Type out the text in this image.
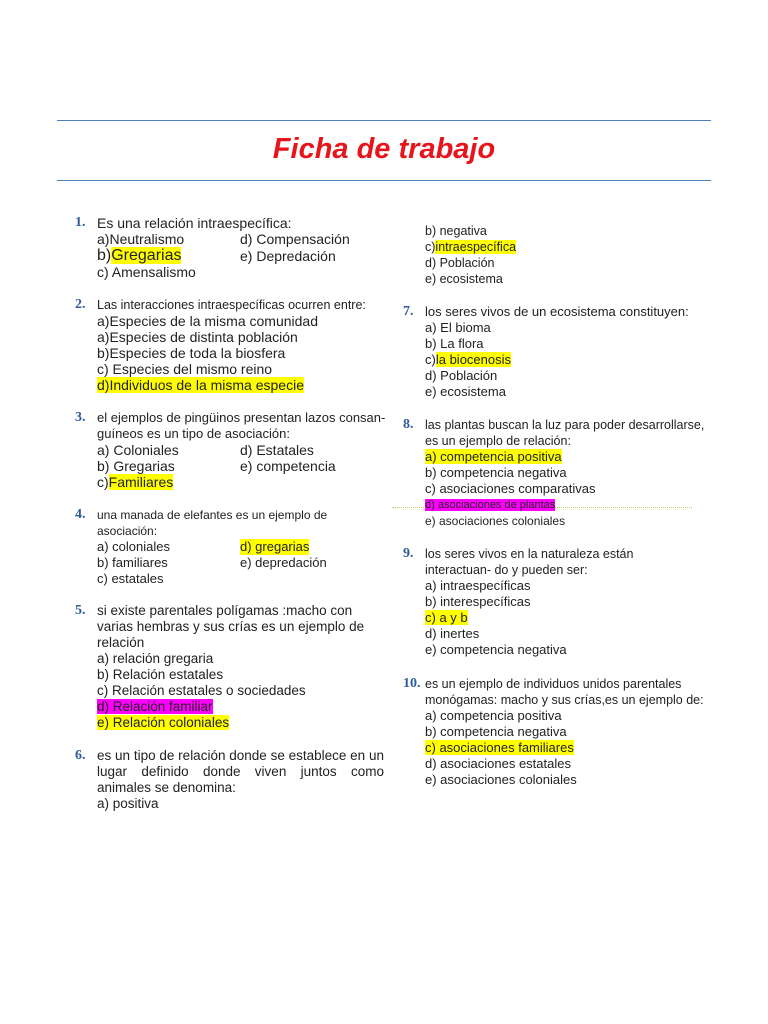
Ficha de trabajo
1. Es una relación intraespecífica:

a)Neutralismo	d) Compensación
b)Gregarias	e) Depredación
c) Amensalismo
2. Las interacciones intraespecíficas ocurren entre:

a)Especies de la misma comunidad
a)Especies de distinta población
b)Especies de toda la biosfera
c) Especies del mismo reino
d)Individuos de la misma especie
3. el ejemplos de pingüinos presentan lazos consan- guíneos es un tipo de asociación:

a) Coloniales	d) Estatales
b) Gregarias	e) competencia
c) Familiares
4. una manada de elefantes es un ejemplo de asociación:

a) coloniales	d) gregarias
b) familiares	e) depredación
c) estatales
5. si existe parentales polígamas :macho con varias hembras y sus crías es un ejemplo de relación

a) relación gregaria
b) Relación estatales
c) Relación estatales o sociedades
d) Relación familiar
e) Relación coloniales
6. es un tipo de relación donde se establece en un lugar definido donde viven juntos como animales se denomina:

a) positiva
b) negativa
c)intraespecífica
d) Población
e) ecosistema
7. los seres vivos de un ecosistema constituyen:

a) El bioma
b) La flora
c)la biocenosis
d) Población
e) ecosistema
8. las plantas buscan la luz para poder desarrollarse, es un ejemplo de relación:

a) competencia positiva
b) competencia negativa
c) asociaciones comparativas
d) asociaciones de plantas
e) asociaciones coloniales
9. los seres vivos en la naturaleza están interactuan- do y pueden ser:

a) intraespecíficas
b) interespecíficas
c) a y b
d) inertes
e) competencia negativa
10. es un ejemplo de individuos unidos parentales monógamas: macho y sus crías,es un ejemplo de:

a) competencia positiva
b) competencia negativa
c) asociaciones familiares
d) asociaciones estatales
e) asociaciones coloniales
